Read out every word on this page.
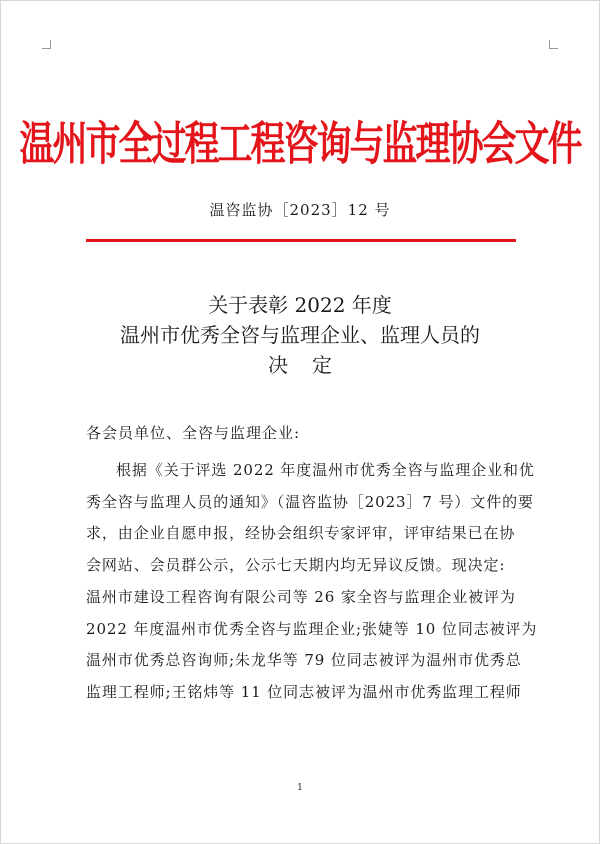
温州市全过程工程咨询与监理协会文件
温咨监协［2023］12 号
关于表彰 2022 年度
温州市优秀全咨与监理企业、监理人员的
决定
各会员单位、全咨与监理企业:
根据《关于评选 2022 年度温州市优秀全咨与监理企业和优
秀全咨与监理人员的通知》（温咨监协［2023］7 号）文件的要
求，由企业自愿申报，经协会组织专家评审，评审结果已在协
会网站、会员群公示，公示七天期内均无异议反馈。现决定:
温州市建设工程咨询有限公司等 26 家全咨与监理企业被评为
2022 年度温州市优秀全咨与监理企业;张婕等 10 位同志被评为
温州市优秀总咨询师;朱龙华等 79 位同志被评为温州市优秀总
监理工程师;王铭炜等 11 位同志被评为温州市优秀监理工程师
1
